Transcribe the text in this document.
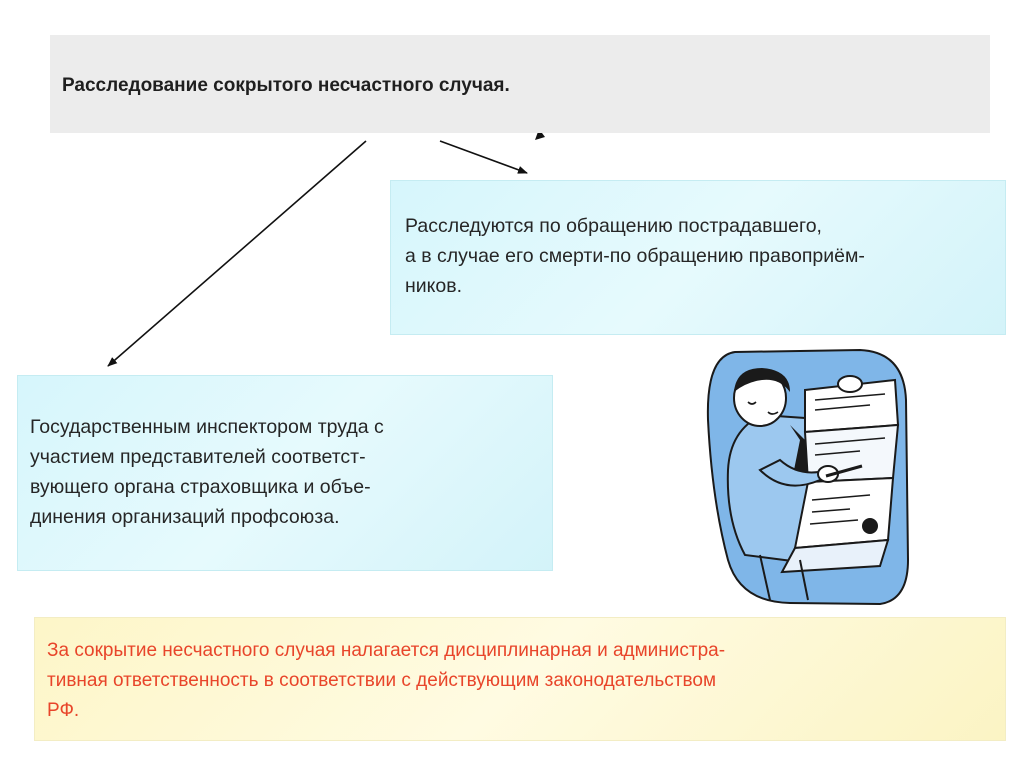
Расследование сокрытого несчастного случая.
Расследуются по обращению пострадавшего,
а в случае его смерти-по обращению правоприём-
ников.
Государственным инспектором труда с
участием представителей соответст-
вующего органа страховщика и объе-
динения организаций профсоюза.
За сокрытие несчастного случая налагается дисциплинарная и администра-
тивная ответственность в соответствии с действующим законодательством
РФ.
